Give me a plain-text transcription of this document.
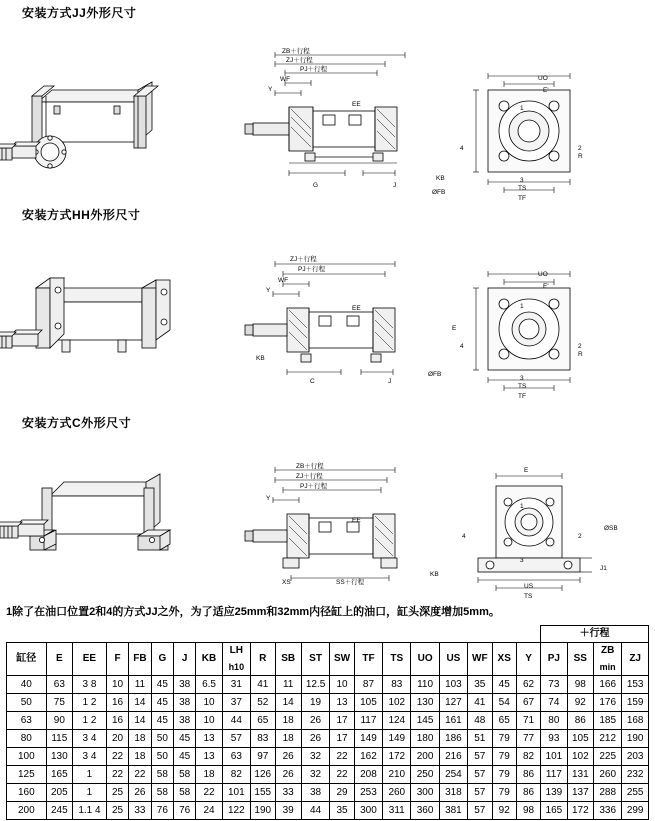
安装方式JJ外形尺寸
ZB＋行程
ZJ＋行程
PJ＋行程
WF
Y
EE
G	J
KB
ØFB
UO
E'
TF
TS
2
R
4
1
3
安装方式HH外形尺寸
ZJ＋行程
PJ＋行程
WF
Y
EE
C	J
KB
ØFB
UO
E'
TF
TS
2
R
4
1
3
E
安装方式C外形尺寸
ZB＋行程
ZJ＋行程
PJ＋行程
Y
EE
XS	SS＋行程
KB
ØSB
E
US
TS
J1
4
1
2
3
1除了在油口位置2和4的方式JJ之外，为了适应25mm和32mm内径缸上的油口，缸头深度增加5mm。
																				＋行程			
缸径	E	EE	F	FB	G	J	KB	LH
h10	R	SB	ST	SW	TF	TS	UO	US	WF	XS	Y	PJ	SS	ZB
min	ZJ
40	63	3 8	10	11	45	38	6.5	31	41	11	12.5	10	87	83	110	103	35	45	62	73	98	166	153
50	75	1 2	16	14	45	38	10	37	52	14	19	13	105	102	130	127	41	54	67	74	92	176	159
63	90	1 2	16	14	45	38	10	44	65	18	26	17	117	124	145	161	48	65	71	80	86	185	168
80	115	3 4	20	18	50	45	13	57	83	18	26	17	149	149	180	186	51	79	77	93	105	212	190
100	130	3 4	22	18	50	45	13	63	97	26	32	22	162	172	200	216	57	79	82	101	102	225	203
125	165	1	22	22	58	58	18	82	126	26	32	22	208	210	250	254	57	79	86	117	131	260	232
160	205	1	25	26	58	58	22	101	155	33	38	29	253	260	300	318	57	79	86	139	137	288	255
200	245	1.1 4	25	33	76	76	24	122	190	39	44	35	300	311	360	381	57	92	98	165	172	336	299
